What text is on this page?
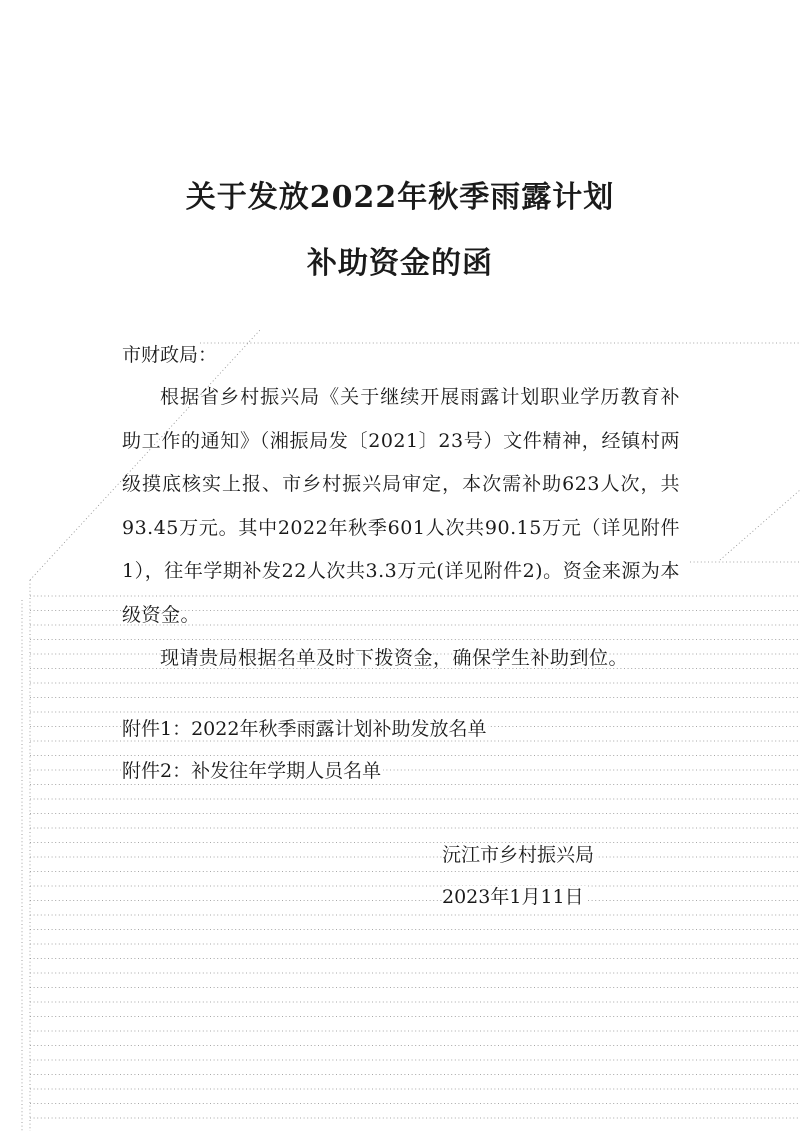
关于发放2022年秋季雨露计划
补助资金的函
市财政局：

根据省乡村振兴局《关于继续开展雨露计划职业学历教育补助工作的通知》（湘振局发〔2021〕23号）文件精神，经镇村两级摸底核实上报、市乡村振兴局审定，本次需补助623人次，共93.45万元。其中2022年秋季601人次共90.15万元（详见附件1），往年学期补发22人次共3.3万元(详见附件2)。资金来源为本级资金。

现请贵局根据名单及时下拨资金，确保学生补助到位。

附件1：2022年秋季雨露计划补助发放名单
附件2：补发往年学期人员名单
沅江市乡村振兴局
2023年1月11日
